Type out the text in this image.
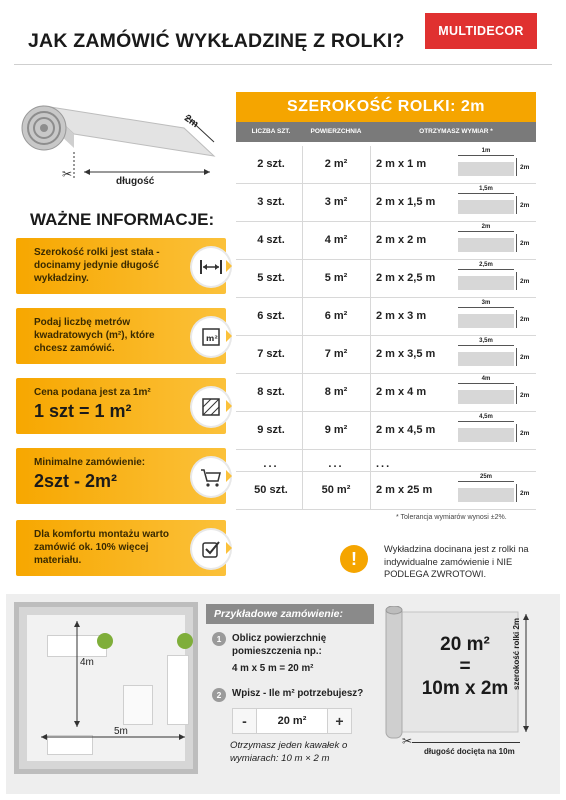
JAK ZAMÓWIĆ WYKŁADZINĘ Z ROLKI?	MULTIDECOR
✂
2m
długość
WAŻNE INFORMACJE:
Szerokość rolki jest stała - docinamy jedynie długość wykładziny.
Podaj liczbę metrów kwadratowych (m²), które chcesz zamówić.
m²
Cena podana jest za 1m²
1 szt = 1 m²
Minimalne zamówienie:
2szt - 2m²
Dla komfortu montażu warto zamówić ok. 10% więcej materiału.
SZEROKOŚĆ ROLKI: 2m
LICZBA SZT.	POWIERZCHNIA	OTRZYMASZ WYMIAR *
2 szt.	2 m²	2 m x 1 m
1m
2m
3 szt.	3 m²	2 m x 1,5 m
1,5m
2m
4 szt.	4 m²	2 m x 2 m
2m
2m
5 szt.	5 m²	2 m x 2,5 m
2,5m
2m
6 szt.	6 m²	2 m x 3 m
3m
2m
7 szt.	7 m²	2 m x 3,5 m
3,5m
2m
8 szt.	8 m²	2 m x 4 m
4m
2m
9 szt.	9 m²	2 m x 4,5 m
4,5m
2m
...	...	...
50 szt.	50 m²	2 m x 25 m
25m
2m
* Tolerancja wymiarów wynosi ±2%.
!	Wykładzina docinana jest z rolki na indywidualne zamówienie i NIE PODLEGA ZWROTOWI.
4m
5m
Przykładowe zamówienie:
1	Oblicz powierzchnię pomieszczenia np.:
4 m x 5 m = 20 m²
2	Wpisz - Ile m² potrzebujesz?
-	20 m²	+
Otrzymasz jeden kawałek o wymiarach: 10 m × 2 m
20 m²
=
10m x 2m
✂
szerokość rolki 2m
długość docięta na 10m
